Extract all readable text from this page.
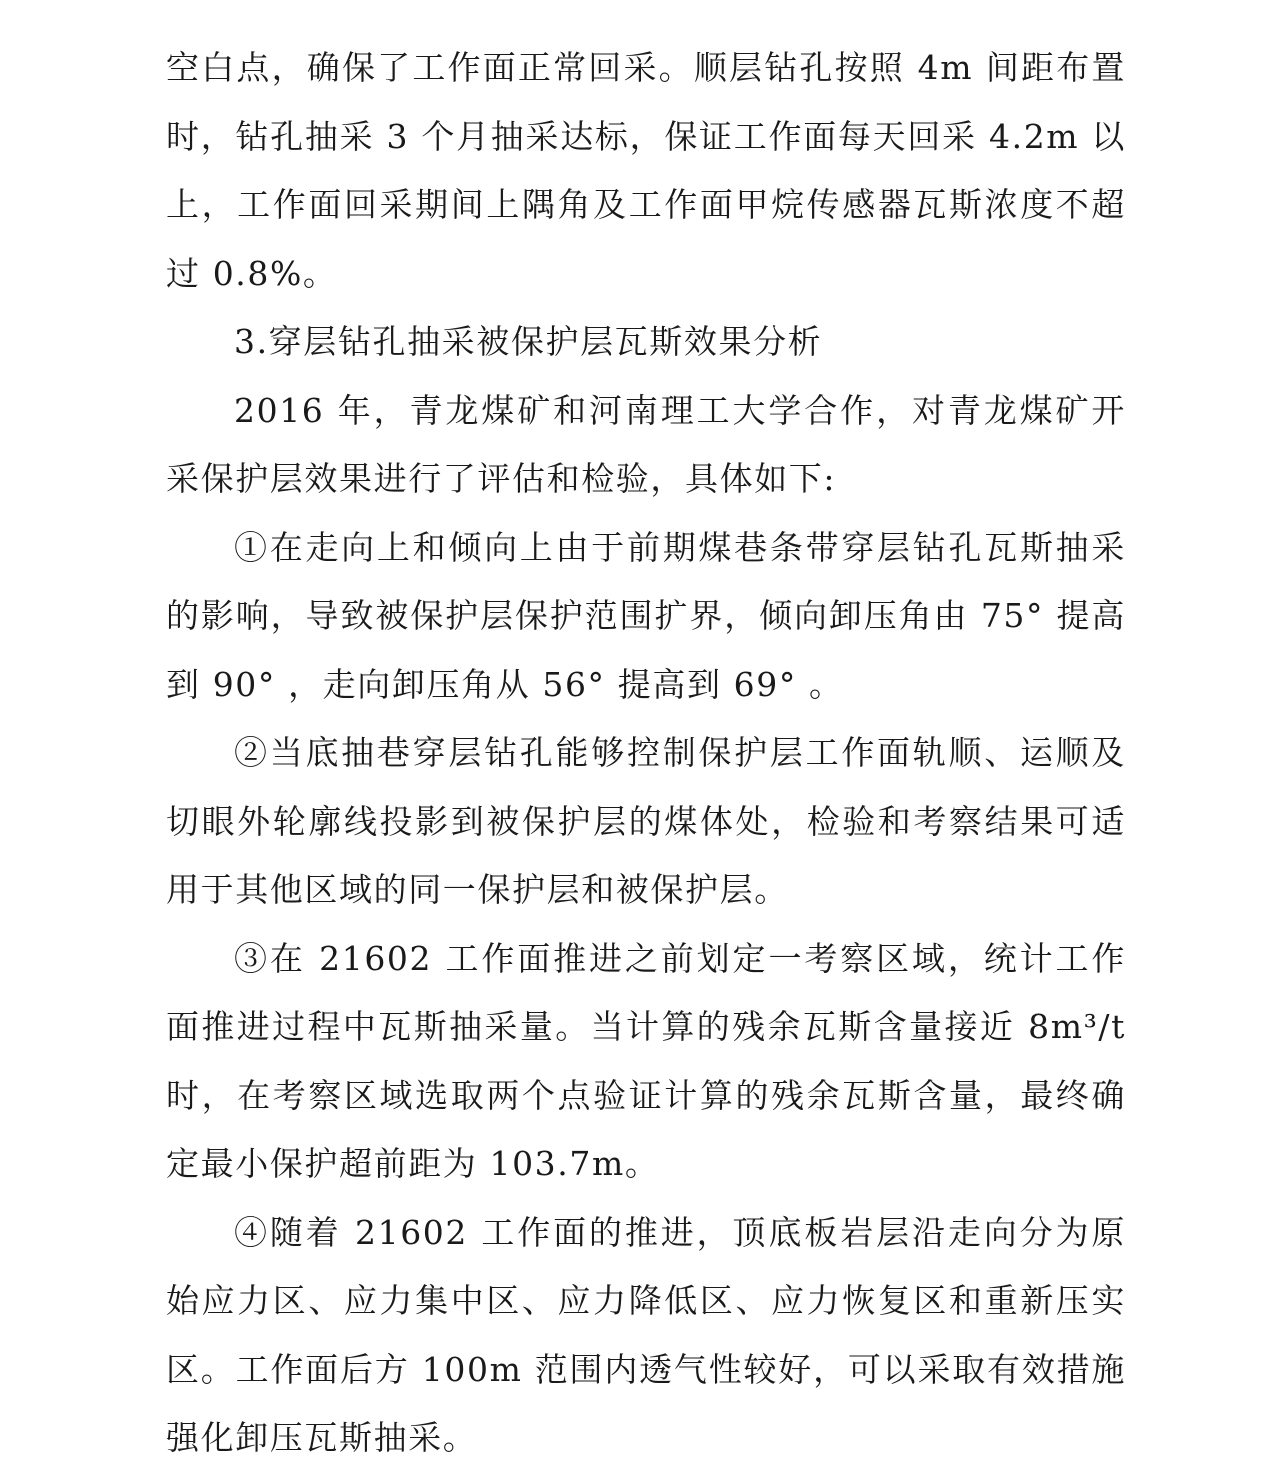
空白点，确保了工作面正常回采。顺层钻孔按照 4m 间距布置时，钻孔抽采 3 个月抽采达标，保证工作面每天回采 4.2m 以上，工作面回采期间上隅角及工作面甲烷传感器瓦斯浓度不超过 0.8%。

3.穿层钻孔抽采被保护层瓦斯效果分析

2016 年，青龙煤矿和河南理工大学合作，对青龙煤矿开采保护层效果进行了评估和检验，具体如下:

①在走向上和倾向上由于前期煤巷条带穿层钻孔瓦斯抽采的影响，导致被保护层保护范围扩界，倾向卸压角由 75° 提高到 90° ，走向卸压角从 56° 提高到 69° 。

②当底抽巷穿层钻孔能够控制保护层工作面轨顺、运顺及切眼外轮廓线投影到被保护层的煤体处，检验和考察结果可适用于其他区域的同一保护层和被保护层。

③在 21602 工作面推进之前划定一考察区域，统计工作面推进过程中瓦斯抽采量。当计算的残余瓦斯含量接近 8m³/t 时，在考察区域选取两个点验证计算的残余瓦斯含量，最终确定最小保护超前距为 103.7m。

④随着 21602 工作面的推进，顶底板岩层沿走向分为原始应力区、应力集中区、应力降低区、应力恢复区和重新压实区。工作面后方 100m 范围内透气性较好，可以采取有效措施强化卸压瓦斯抽采。
